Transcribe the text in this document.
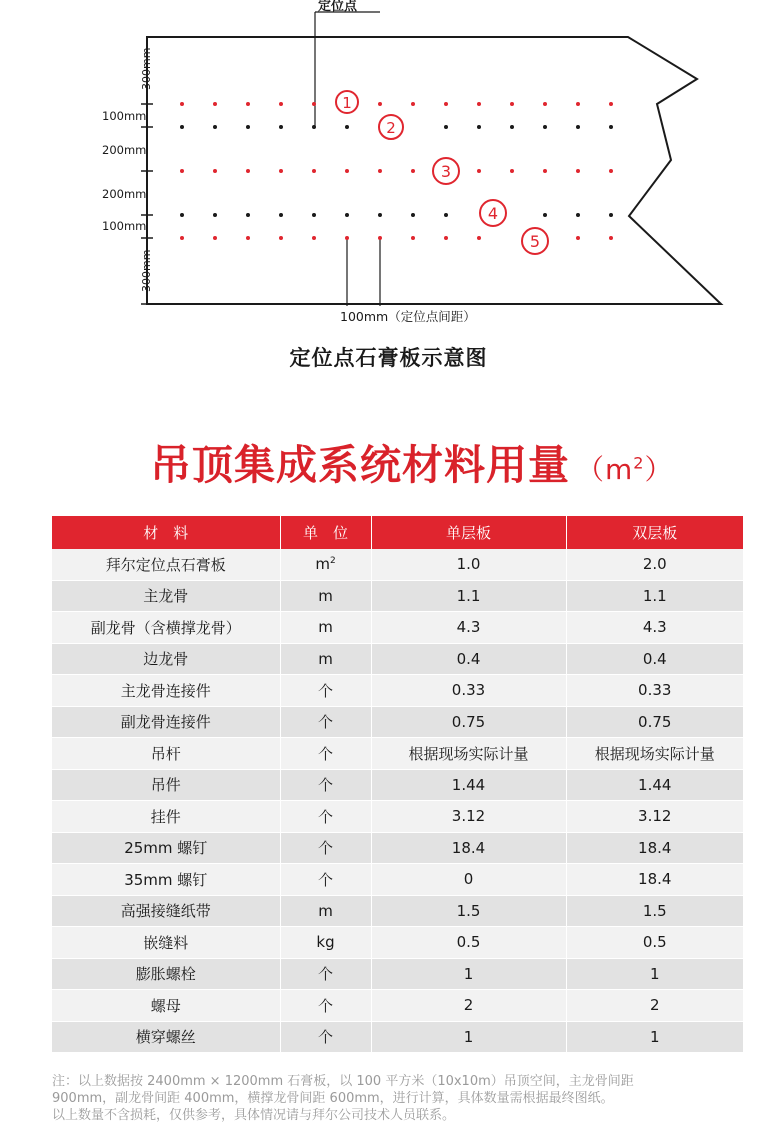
定位点
300mm
100mm
200mm
200mm
100mm
300mm
100mm（定位点间距）
1
2
3
4
5
定位点石膏板示意图
吊顶集成系统材料用量 $(m^2)$
材　料	单　位	单层板	双层板
拜尔定位点石膏板	$m^2$	1.0	2.0
主龙骨	m	1.1	1.1
副龙骨（含横撑龙骨）	m	4.3	4.3
边龙骨	m	0.4	0.4
主龙骨连接件	个	0.33	0.33
副龙骨连接件	个	0.75	0.75
吊杆	个	根据现场实际计量	根据现场实际计量
吊件	个	1.44	1.44
挂件	个	3.12	3.12
25mm 螺钉	个	18.4	18.4
35mm 螺钉	个	0	18.4
高强接缝纸带	m	1.5	1.5
嵌缝料	kg	0.5	0.5
膨胀螺栓	个	1	1
螺母	个	2	2
横穿螺丝	个	1	1
注：以上数据按 2400mm × 1200mm 石膏板，以 100 平方米（10x10m）吊顶空间，主龙骨间距
900mm，副龙骨间距 400mm，横撑龙骨间距 600mm，进行计算，具体数量需根据最终图纸。
以上数量不含损耗，仅供参考，具体情况请与拜尔公司技术人员联系。
